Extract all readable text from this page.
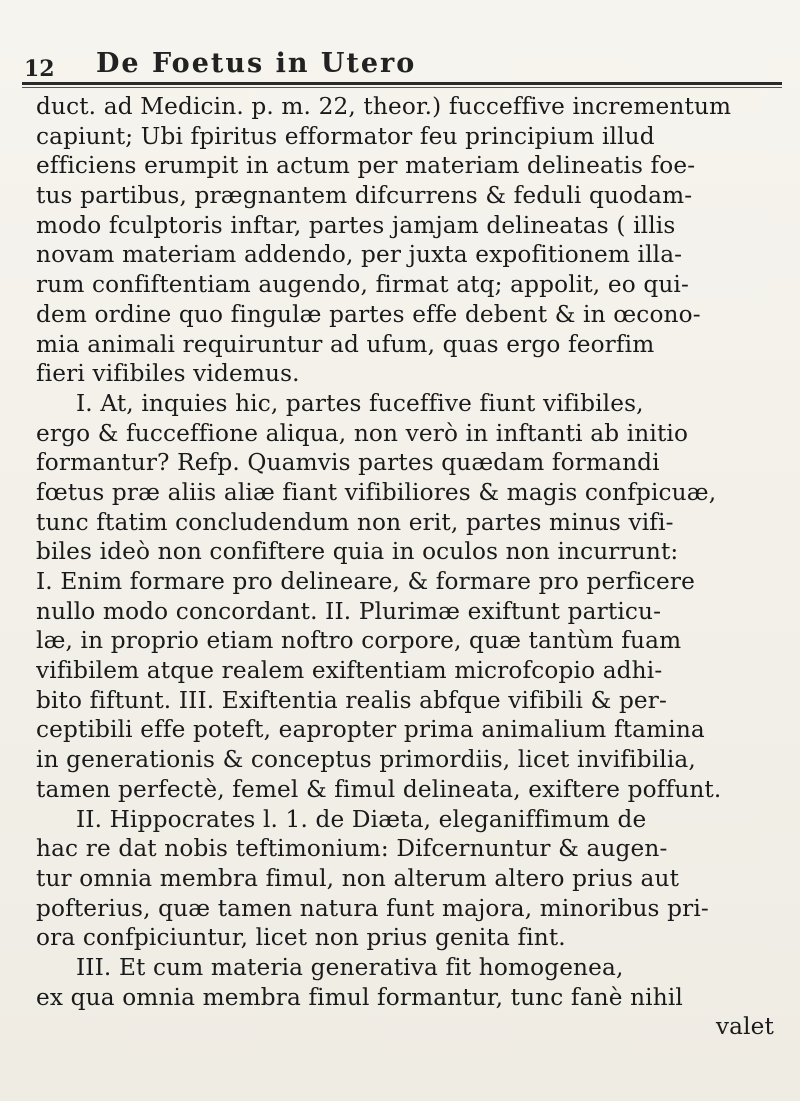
12 De Foetus in Utero
duct. ad Medicin. p. m. 22, theor.) fucceffive incrementum
capiunt; Ubi fpiritus efformator feu principium illud
efficiens erumpit in actum per materiam delineatis foe-
tus partibus, prægnantem difcurrens & feduli quodam-
modo fculptoris inftar, partes jamjam delineatas ( illis
novam materiam addendo, per juxta expofitionem illa-
rum confiftentiam augendo, firmat atq; appolit, eo qui-
dem ordine quo fingulæ partes effe debent & in œcono-
mia animali requiruntur ad ufum, quas ergo feorfim
fieri vifibiles videmus.
I. At, inquies hic, partes fuceffive fiunt vifibiles,
ergo & fucceffione aliqua, non verò in inftanti ab initio
formantur? Refp. Quamvis partes quædam formandi
fœtus præ aliis aliæ fiant vifibiliores & magis confpicuæ,
tunc ftatim concludendum non erit, partes minus vifi-
biles ideò non confiftere quia in oculos non incurrunt:
I. Enim formare pro delineare, & formare pro perficere
nullo modo concordant. II. Plurimæ exiftunt particu-
læ, in proprio etiam noftro corpore, quæ tantùm fuam
vifibilem atque realem exiftentiam microfcopio adhi-
bito fiftunt. III. Exiftentia realis abfque vifibili & per-
ceptibili effe poteft, eapropter prima animalium ftamina
in generationis & conceptus primordiis, licet invifibilia,
tamen perfectè, femel & fimul delineata, exiftere poffunt.
II. Hippocrates l. 1. de Diæta, eleganiffimum de
hac re dat nobis teftimonium: Difcernuntur & augen-
tur omnia membra fimul, non alterum altero prius aut
pofterius, quæ tamen natura funt majora, minoribus pri-
ora confpiciuntur, licet non prius genita fint.
III. Et cum materia generativa fit homogenea,
ex qua omnia membra fimul formantur, tunc fanè nihil
valet
